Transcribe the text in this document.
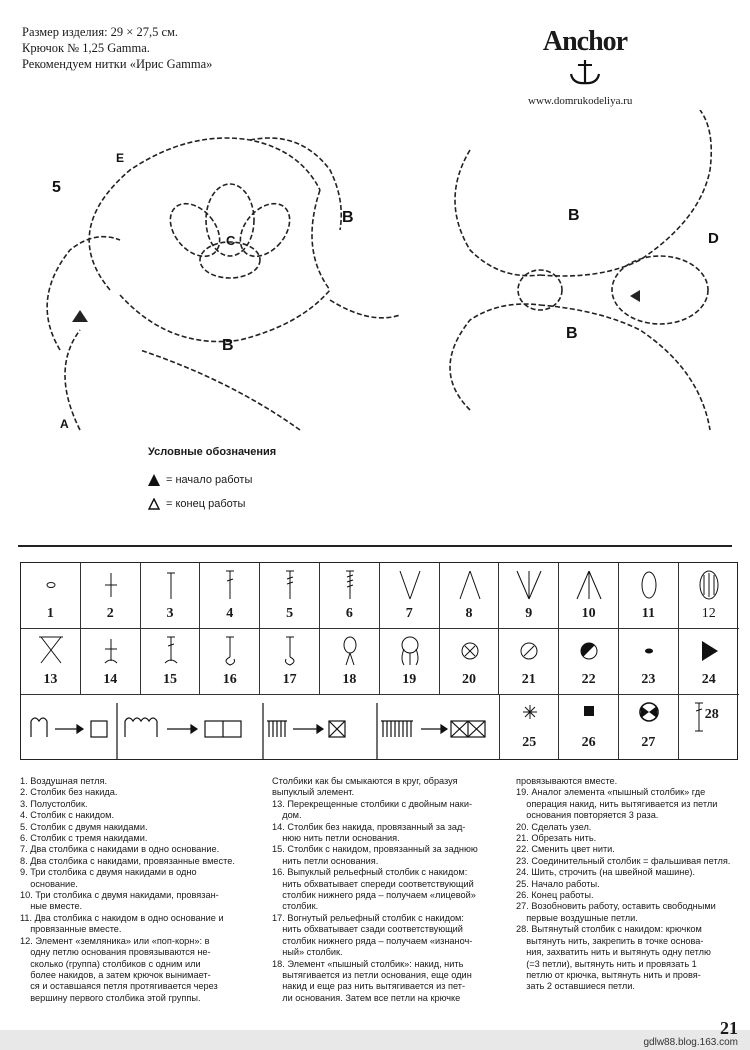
Размер изделия: 29 × 27,5 см.
Крючок № 1,25 Gamma.
Рекомендуем нитки «Ирис Gamma»
Anchor
www.domrukodeliya.ru
5
E
C
B
B
B
B
D
A
Условные обозначения
= начало работы
= конец работы
1	2	3	4	5	6	7	8	9	10	11	12
13	14	15	16	17	18	19	20	21	22	23	24
25	26	27
28
1. Воздушная петля.
2. Столбик без накида.
3. Полустолбик.
4. Столбик с накидом.
5. Столбик с двумя накидами.
6. Столбик с тремя накидами.
7. Два столбика с накидами в одно основание.
8. Два столбика с накидами, провязанные вместе.
9. Три столбика с двумя накидами в одно
основание.
10. Три столбика с двумя накидами, провязан-
ные вместе.
11. Два столбика с накидом в одно основание и
провязанные вместе.
12. Элемент «земляника» или «поп-корн»: в
одну петлю основания провязываются не-
сколько (группа) столбиков с одним или
более накидов, а затем крючок вынимает-
ся и оставшаяся петля протягивается через
вершину первого столбика этой группы.
Столбики как бы смыкаются в круг, образуя
выпуклый элемент.
13. Перекрещенные столбики с двойным наки-
дом.
14. Столбик без накида, провязанный за зад-
нюю нить петли основания.
15. Столбик с накидом, провязанный за заднюю
нить петли основания.
16. Выпуклый рельефный столбик с накидом:
нить обхватывает спереди соответствующий
столбик нижнего ряда – получаем «лицевой»
столбик.
17. Вогнутый рельефный столбик с накидом:
нить обхватывает сзади соответствующий
столбик нижнего ряда – получаем «изнаноч-
ный» столбик.
18. Элемент «пышный столбик»: накид, нить
вытягивается из петли основания, еще один
накид и еще раз нить вытягивается из пет-
ли основания. Затем все петли на крючке
провязываются вместе.
19. Аналог элемента «пышный столбик» где
операция накид, нить вытягивается из петли
основания повторяется 3 раза.
20. Сделать узел.
21. Обрезать нить.
22. Сменить цвет нити.
23. Соединительный столбик = фальшивая петля.
24. Шить, строчить (на швейной машине).
25. Начало работы.
26. Конец работы.
27. Возобновить работу, оставить свободными
первые воздушные петли.
28. Вытянутый столбик с накидом: крючком
вытянуть нить, закрепить в точке основа-
ния, захватить нить и вытянуть одну петлю
(=3 петли), вытянуть нить и провязать 1
петлю от крючка, вытянуть нить и провя-
зать 2 оставшиеся петли.
21
gdlw88.blog.163.com
